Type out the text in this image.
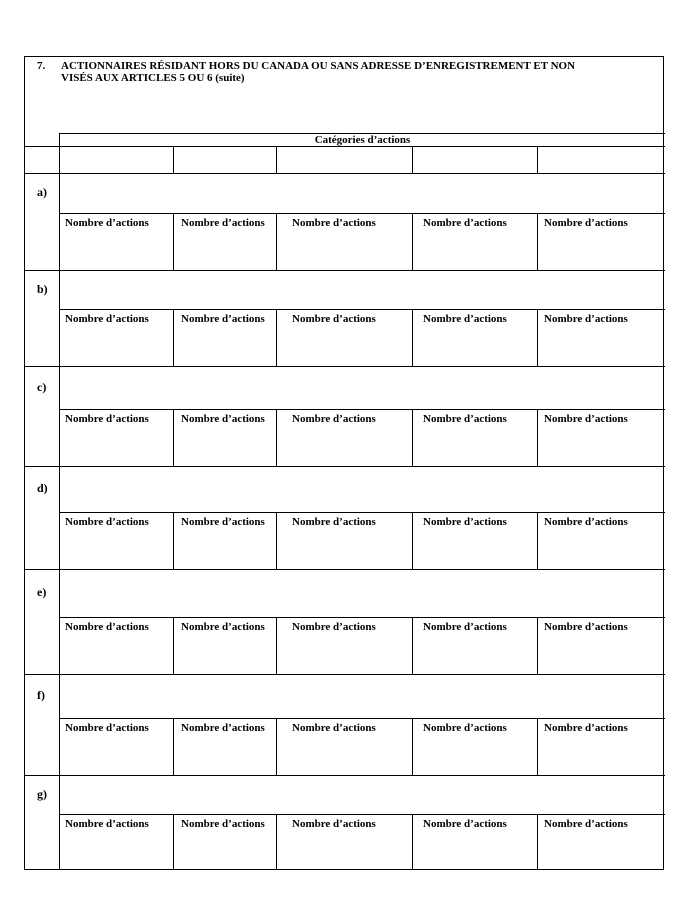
7. ACTIONNAIRES RÉSIDANT HORS DU CANADA OU SANS ADRESSE D’ENREGISTREMENT ET NON
VISÉS AUX ARTICLES 5 OU 6 (suite)
Catégories d’actions
a)
Nombre d’actions	Nombre d’actions Nombre d’actions	Nombre d’actions	Nombre d’actions
b)
Nombre d’actions	Nombre d’actions Nombre d’actions	Nombre d’actions	Nombre d’actions
c)
Nombre d’actions	Nombre d’actions Nombre d’actions	Nombre d’actions	Nombre d’actions
d)
Nombre d’actions	Nombre d’actions Nombre d’actions	Nombre d’actions	Nombre d’actions
e)
Nombre d’actions	Nombre d’actions Nombre d’actions	Nombre d’actions	Nombre d’actions
f)
Nombre d’actions	Nombre d’actions Nombre d’actions	Nombre d’actions	Nombre d’actions
g)
Nombre d’actions	Nombre d’actions Nombre d’actions	Nombre d’actions	Nombre d’actions
